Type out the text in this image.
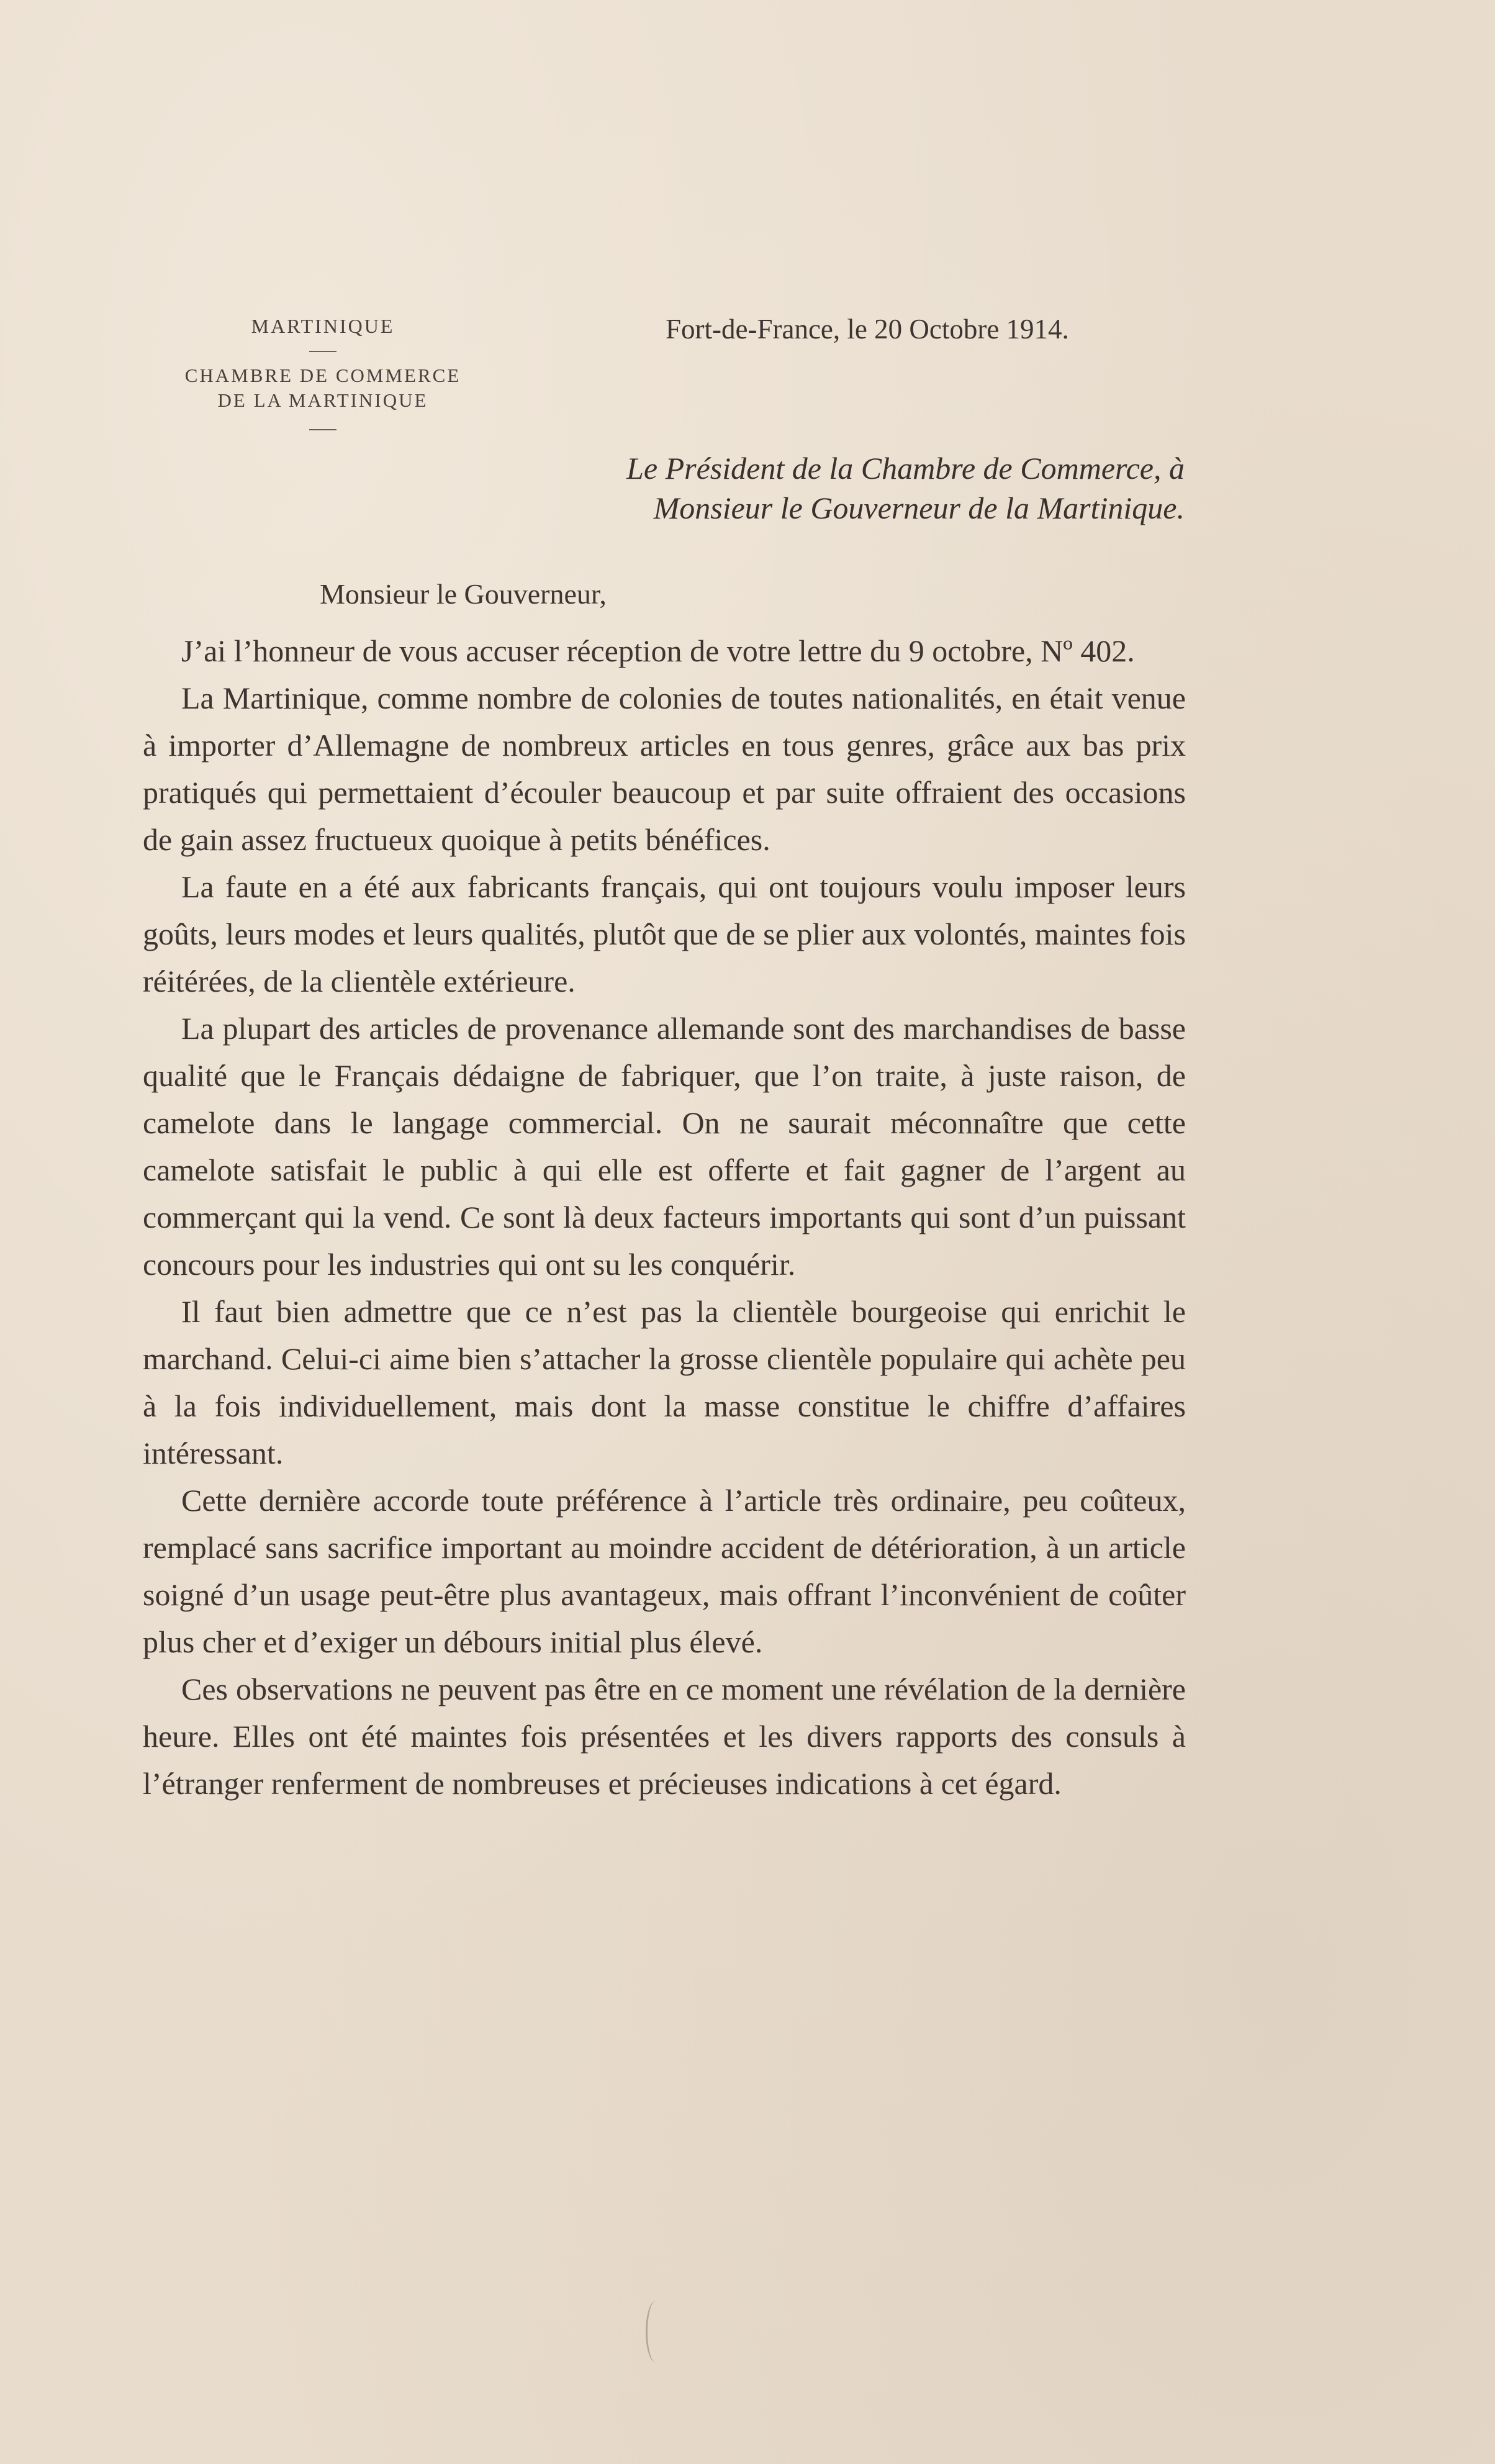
MARTINIQUE

CHAMBRE DE COMMERCE

DE LA MARTINIQUE

Fort-de-France, le 20 Octobre 1914.
Le Président de la Chambre de Commerce, à
Monsieur le Gouverneur de la Martinique.
Monsieur le Gouverneur,

J’ai l’honneur de vous accuser réception de votre lettre du 9 octobre, Nº 402.

La Martinique, comme nombre de colonies de toutes nationalités, en était venue à importer d’Allemagne de nombreux articles en tous genres, grâce aux bas prix pratiqués qui permettaient d’écouler beaucoup et par suite offraient des occasions de gain assez fructueux quoique à petits bénéfices.

La faute en a été aux fabricants français, qui ont toujours voulu imposer leurs goûts, leurs modes et leurs qualités, plutôt que de se plier aux volontés, maintes fois réitérées, de la clientèle extérieure.

La plupart des articles de provenance allemande sont des marchandises de basse qualité que le Français dédaigne de fabriquer, que l’on traite, à juste raison, de camelote dans le langage commercial. On ne saurait méconnaître que cette camelote satisfait le public à qui elle est offerte et fait gagner de l’argent au commerçant qui la vend. Ce sont là deux facteurs importants qui sont d’un puissant concours pour les industries qui ont su les conquérir.

Il faut bien admettre que ce n’est pas la clientèle bourgeoise qui enrichit le marchand. Celui-ci aime bien s’attacher la grosse clientèle populaire qui achète peu à la fois individuellement, mais dont la masse constitue le chiffre d’affaires intéressant.

Cette dernière accorde toute préférence à l’article très ordinaire, peu coûteux, remplacé sans sacrifice important au moindre accident de détérioration, à un article soigné d’un usage peut-être plus avantageux, mais offrant l’inconvénient de coûter plus cher et d’exiger un débours initial plus élevé.

Ces observations ne peuvent pas être en ce moment une révélation de la dernière heure. Elles ont été maintes fois présentées et les divers rapports des consuls à l’étranger renferment de nombreuses et précieuses indications à cet égard.
